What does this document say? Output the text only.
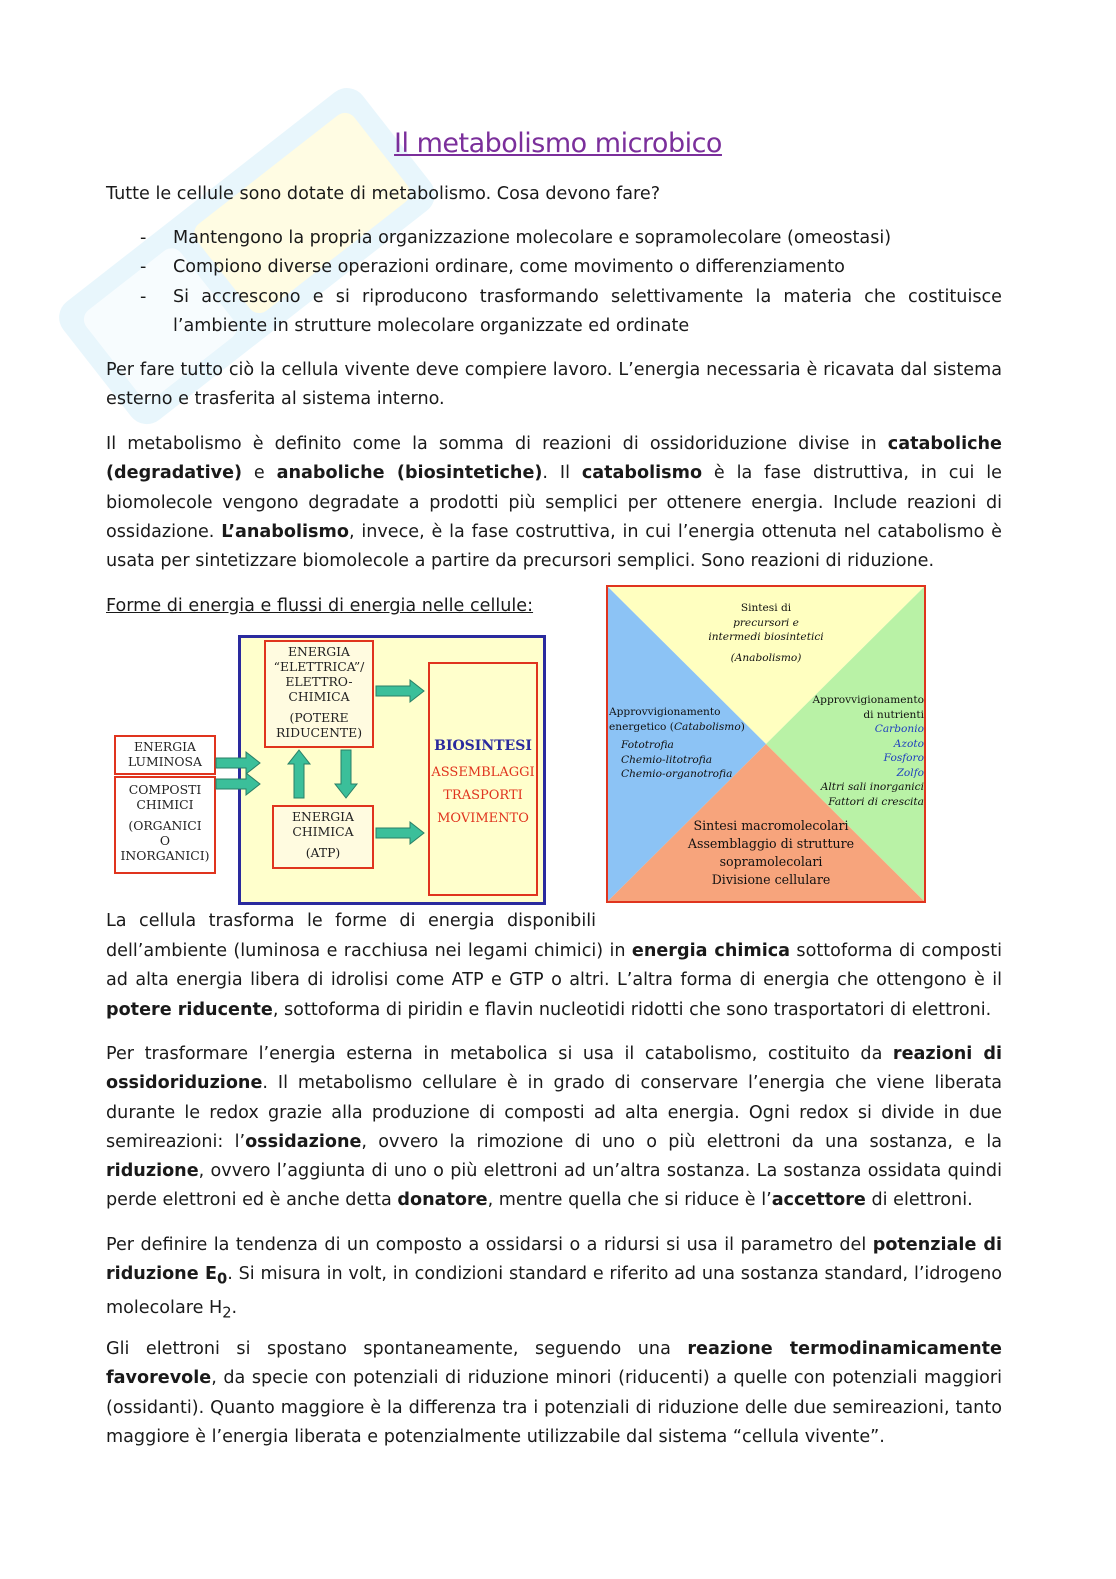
Il metabolismo microbico

Tutte le cellule sono dotate di metabolismo. Cosa devono fare?

- Mantengono la propria organizzazione molecolare e sopramolecolare (omeostasi)
- Compiono diverse operazioni ordinare, come movimento o differenziamento
- Si accrescono e si riproducono trasformando selettivamente la materia che costituisce l’ambiente in strutture molecolare organizzate ed ordinate

Per fare tutto ciò la cellula vivente deve compiere lavoro. L’energia necessaria è ricavata dal sistema esterno e trasferita al sistema interno.

Il metabolismo è definito come la somma di reazioni di ossidoriduzione divise in cataboliche (degradative) e anaboliche (biosintetiche). Il catabolismo è la fase distruttiva, in cui le biomolecole vengono degradate a prodotti più semplici per ottenere energia. Include reazioni di ossidazione. L’anabolismo, invece, è la fase costruttiva, in cui l’energia ottenuta nel catabolismo è usata per sintetizzare biomolecole a partire da precursori semplici. Sono reazioni di riduzione.

Forme di energia e flussi di energia nelle cellule:
ENERGIA LUMINOSA
COMPOSTI CHIMICI
(ORGANICI
O
INORGANICI)
ENERGIA “ELETTRICA”/ ELETTRO- CHIMICA
(POTERE RIDUCENTE)
ENERGIA CHIMICA
(ATP)
BIOSINTESI
ASSEMBLAGGI
TRASPORTI
MOVIMENTO
Sintesi di
precursori e
intermedi biosintetici
(Anabolismo)
Approvvigionamento
energetico (Catabolismo)
Fototrofia
Chemio-litotrofia
Chemio-organotrofia
Approvvigionamento
di nutrienti
Carbonio
Azoto
Fosforo
Zolfo
Altri sali inorganici
Fattori di crescita
Sintesi macromolecolari
Assemblaggio di strutture
sopramolecolari
Divisione cellulare
La cellula trasforma le forme di energia disponibili

dell’ambiente (luminosa e racchiusa nei legami chimici) in energia chimica sottoforma di composti ad alta energia libera di idrolisi come ATP e GTP o altri. L’altra forma di energia che ottengono è il potere riducente, sottoforma di piridin e flavin nucleotidi ridotti che sono trasportatori di elettroni.

Per trasformare l’energia esterna in metabolica si usa il catabolismo, costituito da reazioni di ossidoriduzione. Il metabolismo cellulare è in grado di conservare l’energia che viene liberata durante le redox grazie alla produzione di composti ad alta energia. Ogni redox si divide in due semireazioni: l’ossidazione, ovvero la rimozione di uno o più elettroni da una sostanza, e la riduzione, ovvero l’aggiunta di uno o più elettroni ad un’altra sostanza. La sostanza ossidata quindi perde elettroni ed è anche detta donatore, mentre quella che si riduce è l’accettore di elettroni.

Per definire la tendenza di un composto a ossidarsi o a ridursi si usa il parametro del potenziale di riduzione $E_0$. Si misura in volt, in condizioni standard e riferito ad una sostanza standard, l’idrogeno molecolare $H_2$.

Gli elettroni si spostano spontaneamente, seguendo una reazione termodinamicamente favorevole, da specie con potenziali di riduzione minori (riducenti) a quelle con potenziali maggiori (ossidanti). Quanto maggiore è la differenza tra i potenziali di riduzione delle due semireazioni, tanto maggiore è l’energia liberata e potenzialmente utilizzabile dal sistema “cellula vivente”.
